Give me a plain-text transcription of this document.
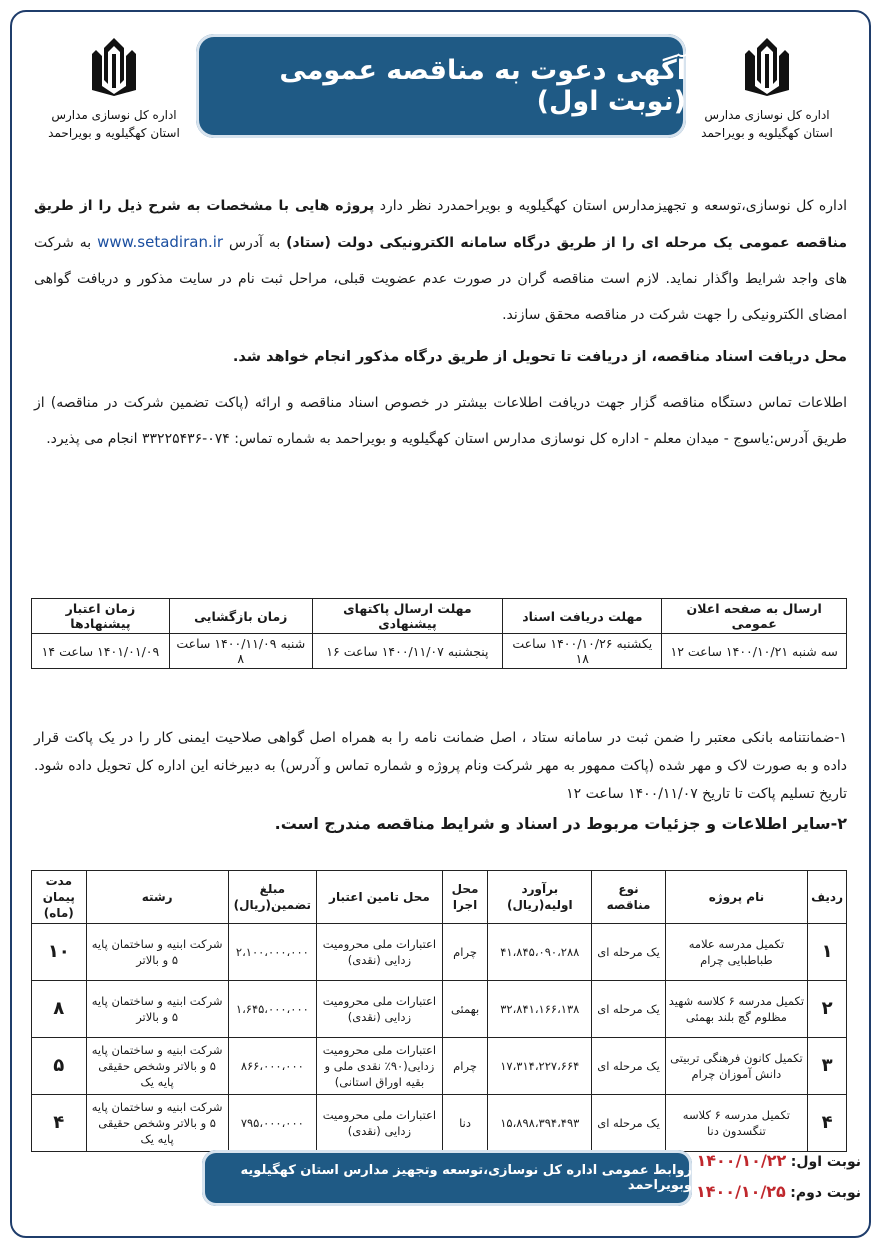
اداره کل نوسازی مدارس
استان کهگیلویه و بویراحمد
آگهی دعوت به مناقصه عمومی (نوبت اول)
اداره کل نوسازی مدارس
استان کهگیلویه و بویراحمد

اداره کل نوسازی،توسعه و تجهیزمدارس استان کهگیلویه و بویراحمدرد نظر دارد پروژه هایی با مشخصات به شرح ذیل را از طریق مناقصه عمومی یک مرحله ای را از طریق درگاه سامانه الکترونیکی دولت (ستاد) به آدرس www.setadiran.ir به شرکت های واجد شرایط واگذار نماید. لازم است مناقصه گران در صورت عدم عضویت قبلی، مراحل ثبت نام در سایت مذکور و دریافت گواهی امضای الکترونیکی را جهت شرکت در مناقصه محقق سازند.

محل دریافت اسناد مناقصه، از دریافت تا تحویل از طریق درگاه مذکور انجام خواهد شد.

اطلاعات تماس دستگاه مناقصه گزار جهت دریافت اطلاعات بیشتر در خصوص اسناد مناقصه و ارائه (پاکت تضمین شرکت در مناقصه) از طریق آدرس:یاسوج - میدان معلم - اداره کل نوسازی مدارس استان کهگیلویه و بویراحمد به شماره تماس: ۰۷۴-۳۳۲۲۵۴۳۶ انجام می پذیرد.

ارسال به صفحه اعلان عمومی	مهلت دریافت اسناد	مهلت ارسال پاکتهای پیشنهادی	زمان بازگشایی	زمان اعتبار پیشنهادها
سه شنبه ۱۴۰۰/۱۰/۲۱ ساعت ۱۲	یکشنبه ۱۴۰۰/۱۰/۲۶ ساعت ۱۸	پنجشنبه ۱۴۰۰/۱۱/۰۷ ساعت ۱۶	شنبه ۱۴۰۰/۱۱/۰۹ ساعت ۸	۱۴۰۱/۰۱/۰۹ ساعت ۱۴

۱-ضمانتنامه بانکی معتبر را ضمن ثبت در سامانه ستاد ، اصل ضمانت نامه را به همراه اصل گواهی صلاحیت ایمنی کار را در یک پاکت قرار داده و به صورت لاک و مهر شده (پاکت ممهور به مهر شرکت ونام پروژه و شماره تماس و آدرس) به دبیرخانه این اداره کل تحویل داده شود. تاریخ تسلیم پاکت تا تاریخ ۱۴۰۰/۱۱/۰۷ ساعت ۱۲

۲-سایر اطلاعات و جزئیات مربوط در اسناد و شرایط مناقصه مندرج است.

ردیف	نام پروژه	نوع مناقصه	برآورد اولیه(ریال)	محل اجرا	محل تامین اعتبار	مبلغ تضمین(ریال)	رشته	مدت پیمان (ماه)
۱	تکمیل مدرسه علامه طباطبایی چرام	یک مرحله ای	۴۱،۸۴۵،۰۹۰،۲۸۸	چرام	اعتبارات ملی محرومیت زدایی (نقدی)	۲،۱۰۰،۰۰۰،۰۰۰	شرکت ابنیه و ساختمان پایه ۵ و بالاتر	۱۰
۲	تکمیل مدرسه ۶ کلاسه شهید مظلوم گچ بلند بهمئی	یک مرحله ای	۳۲،۸۴۱،۱۶۶،۱۳۸	بهمئی	اعتبارات ملی محرومیت زدایی (نقدی)	۱،۶۴۵،۰۰۰،۰۰۰	شرکت ابنیه و ساختمان پایه ۵ و بالاتر	۸
۳	تکمیل کانون فرهنگی تربیتی دانش آموزان چرام	یک مرحله ای	۱۷،۳۱۴،۲۲۷،۶۶۴	چرام	اعتبارات ملی محرومیت زدایی(۹۰٪ نقدی ملی و بقیه اوراق استانی)	۸۶۶،۰۰۰،۰۰۰	شرکت ابنیه و ساختمان پایه ۵ و بالاتر وشخص حقیقی پایه یک	۵
۴	تکمیل مدرسه ۶ کلاسه تنگسدون دنا	یک مرحله ای	۱۵،۸۹۸،۳۹۴،۴۹۳	دنا	اعتبارات ملی محرومیت زدایی (نقدی)	۷۹۵،۰۰۰،۰۰۰	شرکت ابنیه و ساختمان پایه ۵ و بالاتر وشخص حقیقی پایه یک	۴
نوبت اول: ۱۴۰۰/۱۰/۲۲
نوبت دوم: ۱۴۰۰/۱۰/۲۵
روابط عمومی اداره کل نوسازی،توسعه وتجهیز مدارس استان کهگیلویه وبویراحمد
